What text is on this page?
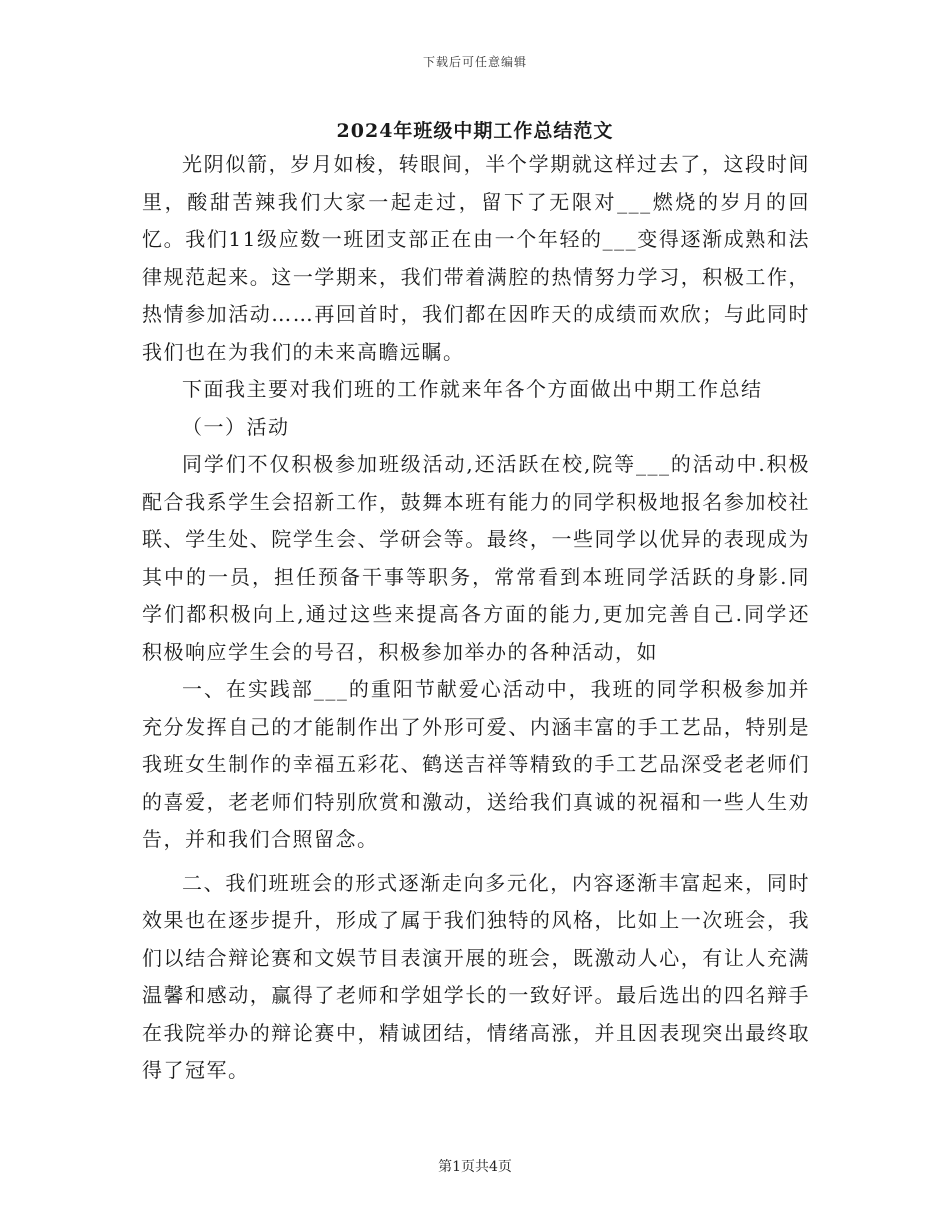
下载后可任意编辑
2024年班级中期工作总结范文

光阴似箭，岁月如梭，转眼间，半个学期就这样过去了，这段时间里，酸甜苦辣我们大家一起走过，留下了无限对___燃烧的岁月的回忆。我们11级应数一班团支部正在由一个年轻的___变得逐渐成熟和法律规范起来。这一学期来，我们带着满腔的热情努力学习，积极工作，热情参加活动……再回首时，我们都在因昨天的成绩而欢欣；与此同时我们也在为我们的未来高瞻远瞩。

下面我主要对我们班的工作就来年各个方面做出中期工作总结

（一）活动

同学们不仅积极参加班级活动,还活跃在校,院等___的活动中.积极配合我系学生会招新工作，鼓舞本班有能力的同学积极地报名参加校社联、学生处、院学生会、学研会等。最终，一些同学以优异的表现成为其中的一员，担任预备干事等职务，常常看到本班同学活跃的身影.同学们都积极向上,通过这些来提高各方面的能力,更加完善自己.同学还积极响应学生会的号召，积极参加举办的各种活动，如

一、在实践部___的重阳节献爱心活动中，我班的同学积极参加并充分发挥自己的才能制作出了外形可爱、内涵丰富的手工艺品，特别是我班女生制作的幸福五彩花、鹤送吉祥等精致的手工艺品深受老老师们的喜爱，老老师们特别欣赏和激动，送给我们真诚的祝福和一些人生劝告，并和我们合照留念。

二、我们班班会的形式逐渐走向多元化，内容逐渐丰富起来，同时效果也在逐步提升，形成了属于我们独特的风格，比如上一次班会，我们以结合辩论赛和文娱节目表演开展的班会，既激动人心，有让人充满温馨和感动，赢得了老师和学姐学长的一致好评。最后选出的四名辩手在我院举办的辩论赛中，精诚团结，情绪高涨，并且因表现突出最终取得了冠军。

第1页共4页
